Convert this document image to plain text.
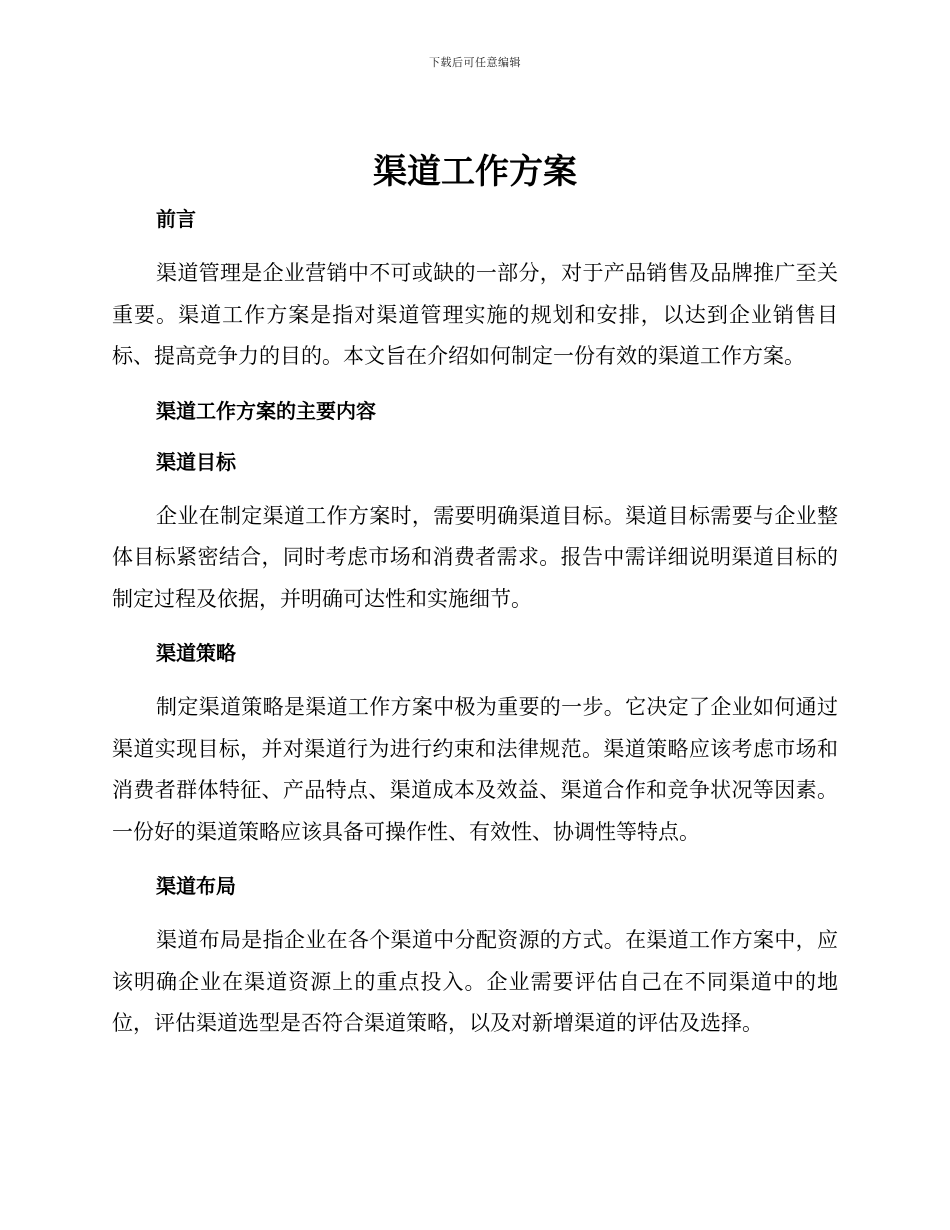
下载后可任意编辑
渠道工作方案
前言

渠道管理是企业营销中不可或缺的一部分，对于产品销售及品牌推广至关重要。渠道工作方案是指对渠道管理实施的规划和安排，以达到企业销售目标、提高竞争力的目的。本文旨在介绍如何制定一份有效的渠道工作方案。

渠道工作方案的主要内容
渠道目标

企业在制定渠道工作方案时，需要明确渠道目标。渠道目标需要与企业整体目标紧密结合，同时考虑市场和消费者需求。报告中需详细说明渠道目标的制定过程及依据，并明确可达性和实施细节。

渠道策略

制定渠道策略是渠道工作方案中极为重要的一步。它决定了企业如何通过渠道实现目标，并对渠道行为进行约束和法律规范。渠道策略应该考虑市场和消费者群体特征、产品特点、渠道成本及效益、渠道合作和竞争状况等因素。一份好的渠道策略应该具备可操作性、有效性、协调性等特点。

渠道布局

渠道布局是指企业在各个渠道中分配资源的方式。在渠道工作方案中，应该明确企业在渠道资源上的重点投入。企业需要评估自己在不同渠道中的地位，评估渠道选型是否符合渠道策略，以及对新增渠道的评估及选择。
